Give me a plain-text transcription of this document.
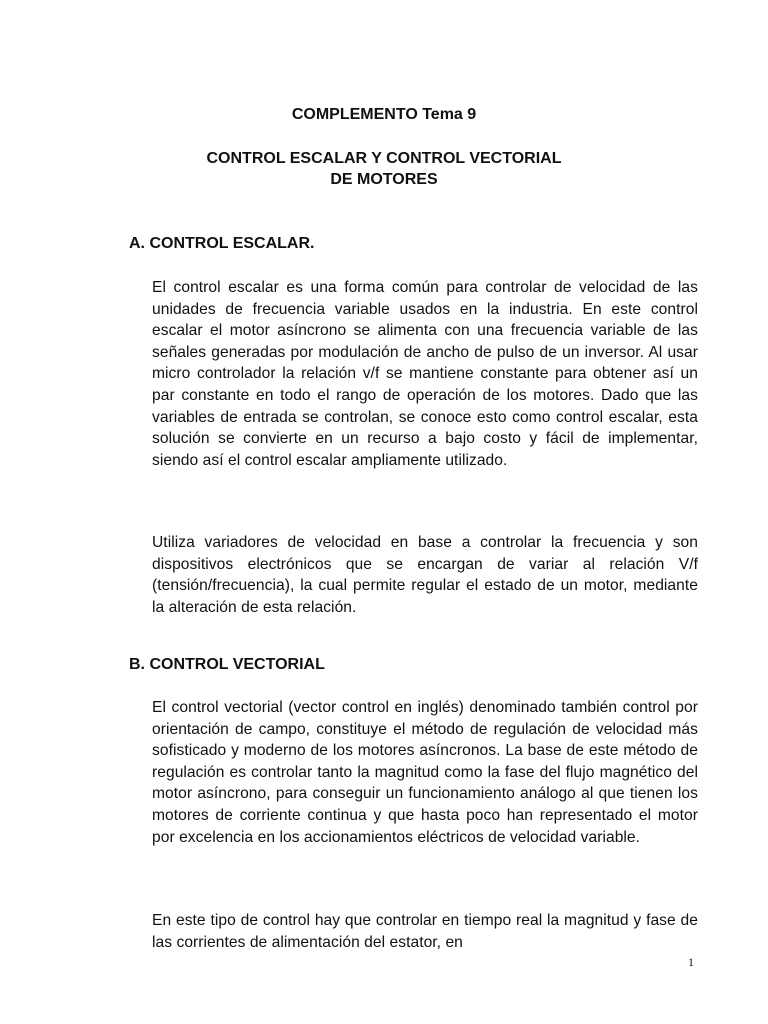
COMPLEMENTO Tema 9

CONTROL ESCALAR Y CONTROL VECTORIAL
DE MOTORES

A. CONTROL ESCALAR.

El control escalar es una forma común para controlar de velocidad de las unidades de frecuencia variable usados en la industria. En este control escalar el motor asíncrono se alimenta con una frecuencia variable de las señales generadas por modulación de ancho de pulso de un inversor. Al usar micro controlador la relación v/f se mantiene constante para obtener así un par constante en todo el rango de operación de los motores. Dado que las variables de entrada se controlan, se conoce esto como control escalar, esta solución se convierte en un recurso a bajo costo y fácil de implementar, siendo así el control escalar ampliamente utilizado.

Utiliza variadores de velocidad en base a controlar la frecuencia y son dispositivos electrónicos que se encargan de variar al relación V/f (tensión/frecuencia), la cual permite regular el estado de un motor, mediante la alteración de esta relación.

B. CONTROL VECTORIAL

El control vectorial (vector control en inglés) denominado también control por orientación de campo, constituye el método de regulación de velocidad más sofisticado y moderno de los motores asíncronos. La base de este método de regulación es controlar tanto la magnitud como la fase del flujo magnético del motor asíncrono, para conseguir un funcionamiento análogo al que tienen los motores de corriente continua y que hasta poco han representado el motor por excelencia en los accionamientos eléctricos de velocidad variable.

En este tipo de control hay que controlar en tiempo real la magnitud y fase de las corrientes de alimentación del estator, en

1
